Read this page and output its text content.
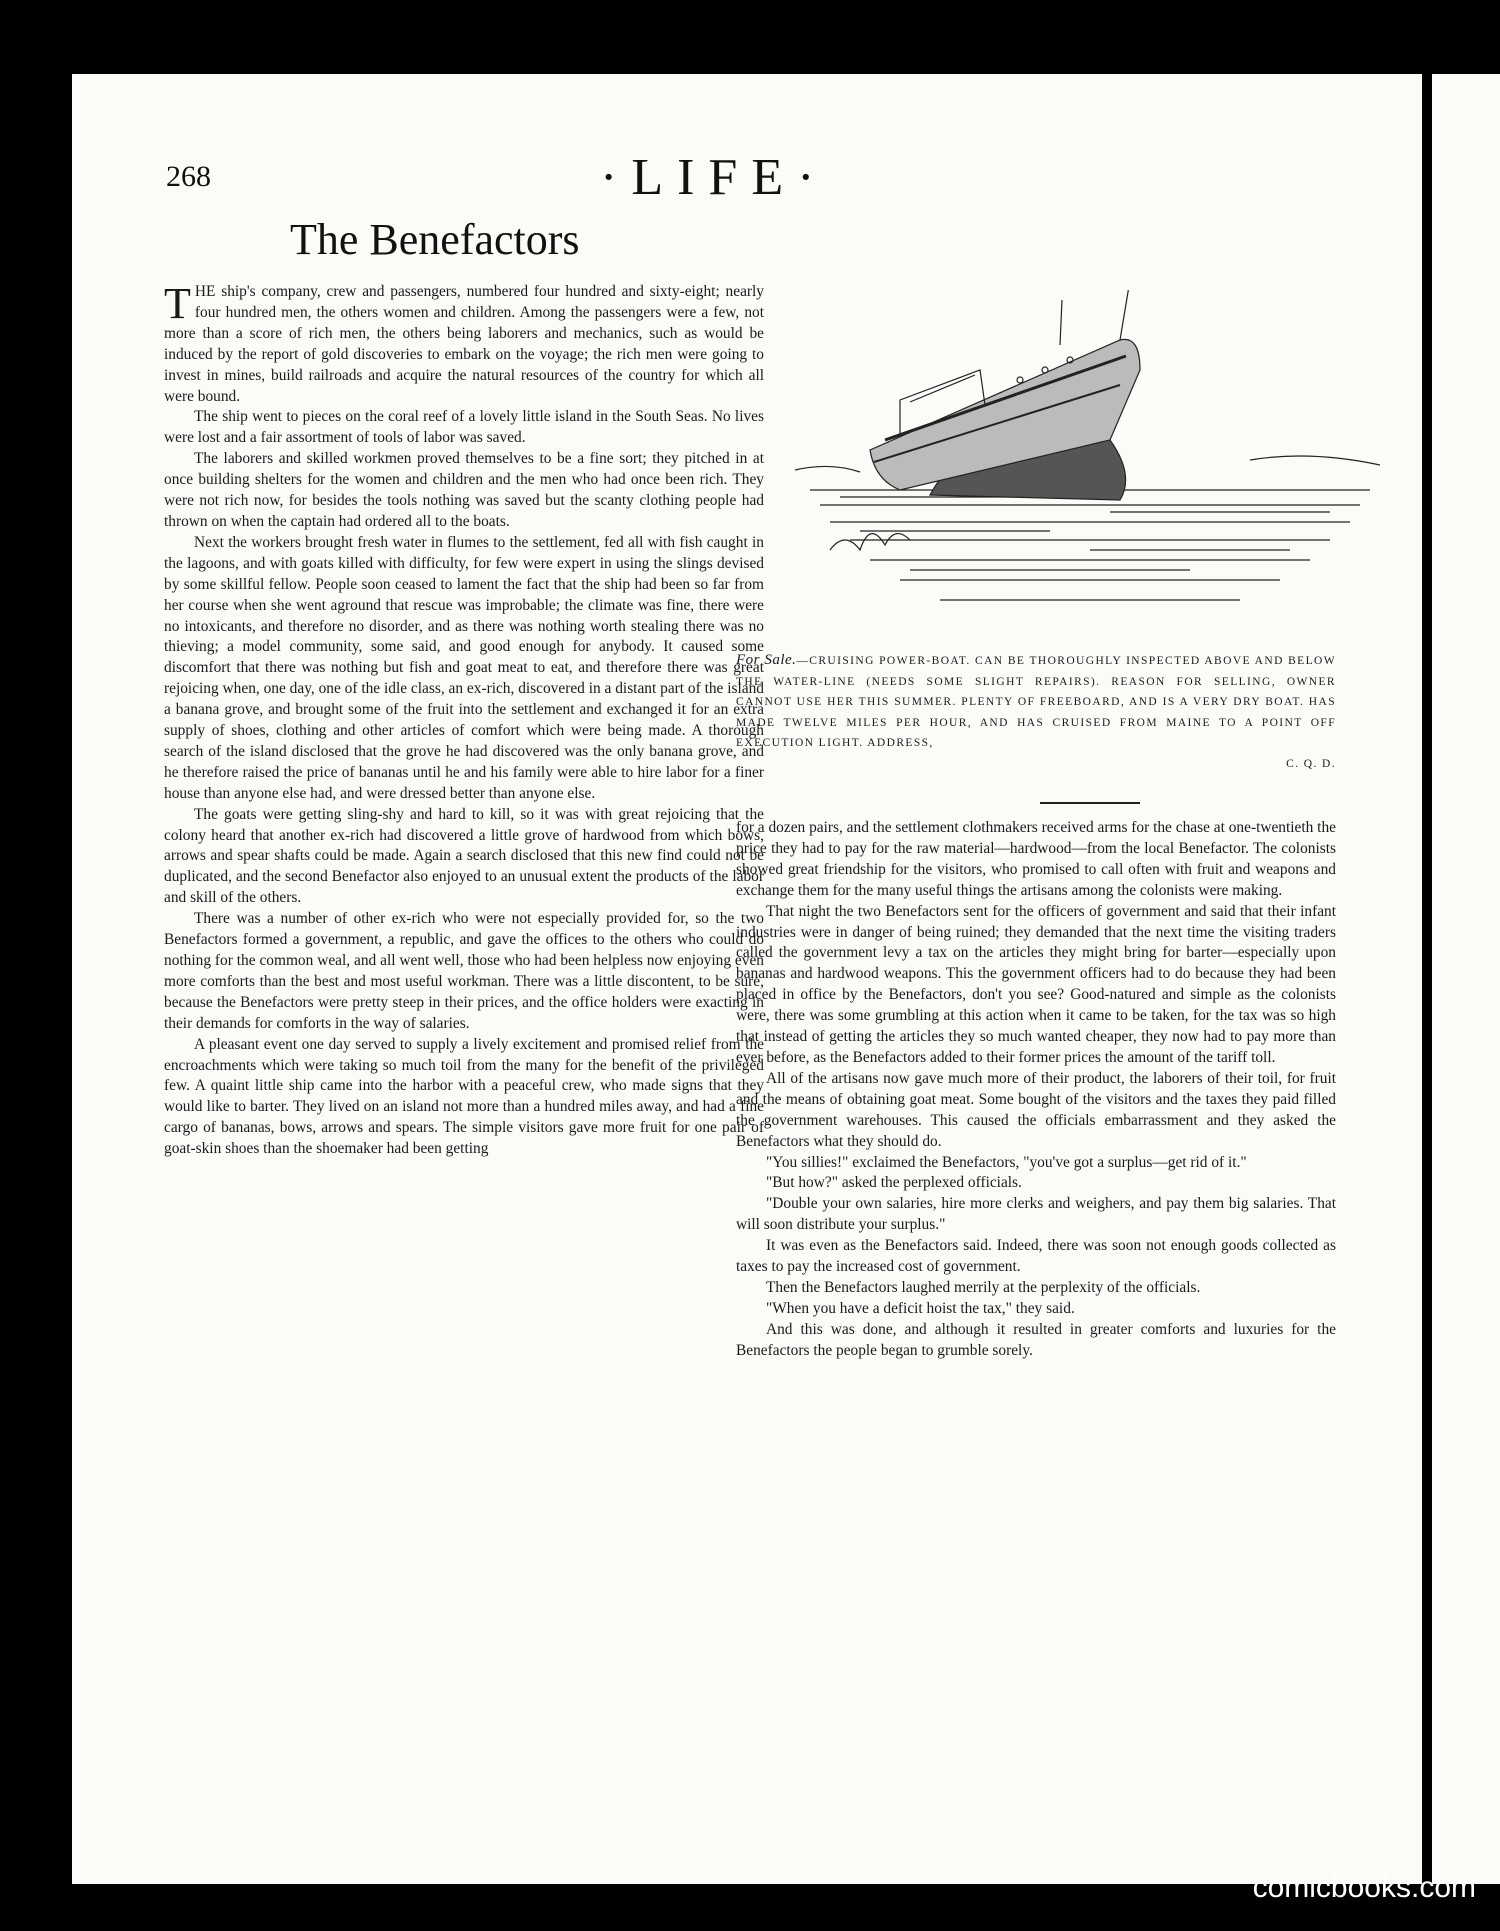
268	·LIFE·
The Benefactors

THE ship's company, crew and passengers, numbered four hundred and sixty-eight; nearly four hundred men, the others women and children. Among the passengers were a few, not more than a score of rich men, the others being laborers and mechanics, such as would be induced by the report of gold discoveries to embark on the voyage; the rich men were going to invest in mines, build railroads and acquire the natural resources of the country for which all were bound.

The ship went to pieces on the coral reef of a lovely little island in the South Seas. No lives were lost and a fair assortment of tools of labor was saved.

The laborers and skilled workmen proved themselves to be a fine sort; they pitched in at once building shelters for the women and children and the men who had once been rich. They were not rich now, for besides the tools nothing was saved but the scanty clothing people had thrown on when the captain had ordered all to the boats.

Next the workers brought fresh water in flumes to the settlement, fed all with fish caught in the lagoons, and with goats killed with difficulty, for few were expert in using the slings devised by some skillful fellow. People soon ceased to lament the fact that the ship had been so far from her course when she went aground that rescue was improbable; the climate was fine, there were no intoxicants, and therefore no disorder, and as there was nothing worth stealing there was no thieving; a model community, some said, and good enough for anybody. It caused some discomfort that there was nothing but fish and goat meat to eat, and therefore there was great rejoicing when, one day, one of the idle class, an ex-rich, discovered in a distant part of the island a banana grove, and brought some of the fruit into the settlement and exchanged it for an extra supply of shoes, clothing and other articles of comfort which were being made. A thorough search of the island disclosed that the grove he had discovered was the only banana grove, and he therefore raised the price of bananas until he and his family were able to hire labor for a finer house than anyone else had, and were dressed better than anyone else.

The goats were getting sling-shy and hard to kill, so it was with great rejoicing that the colony heard that another ex-rich had discovered a little grove of hardwood from which bows, arrows and spear shafts could be made. Again a search disclosed that this new find could not be duplicated, and the second Benefactor also enjoyed to an unusual extent the products of the labor and skill of the others.

There was a number of other ex-rich who were not especially provided for, so the two Benefactors formed a government, a republic, and gave the offices to the others who could do nothing for the common weal, and all went well, those who had been helpless now enjoying even more comforts than the best and most useful workman. There was a little discontent, to be sure, because the Benefactors were pretty steep in their prices, and the office holders were exacting in their demands for comforts in the way of salaries.

A pleasant event one day served to supply a lively excitement and promised relief from the encroachments which were taking so much toil from the many for the benefit of the privileged few. A quaint little ship came into the harbor with a peaceful crew, who made signs that they would like to barter. They lived on an island not more than a hundred miles away, and had a fine cargo of bananas, bows, arrows and spears. The simple visitors gave more fruit for one pair of goat-skin shoes than the shoemaker had been getting

For Sale.—CRUISING POWER-BOAT. CAN BE THOROUGHLY INSPECTED ABOVE AND BELOW THE WATER-LINE (NEEDS SOME SLIGHT REPAIRS). REASON FOR SELLING, OWNER CANNOT USE HER THIS SUMMER. PLENTY OF FREEBOARD, AND IS A VERY DRY BOAT. HAS MADE TWELVE MILES PER HOUR, AND HAS CRUISED FROM MAINE TO A POINT OFF EXECUTION LIGHT. ADDRESS,
C. Q. D.

for a dozen pairs, and the settlement clothmakers received arms for the chase at one-twentieth the price they had to pay for the raw material—hardwood—from the local Benefactor. The colonists showed great friendship for the visitors, who promised to call often with fruit and weapons and exchange them for the many useful things the artisans among the colonists were making.

That night the two Benefactors sent for the officers of government and said that their infant industries were in danger of being ruined; they demanded that the next time the visiting traders called the government levy a tax on the articles they might bring for barter—especially upon bananas and hardwood weapons. This the government officers had to do because they had been placed in office by the Benefactors, don't you see? Good-natured and simple as the colonists were, there was some grumbling at this action when it came to be taken, for the tax was so high that instead of getting the articles they so much wanted cheaper, they now had to pay more than ever before, as the Benefactors added to their former prices the amount of the tariff toll.

All of the artisans now gave much more of their product, the laborers of their toil, for fruit and the means of obtaining goat meat. Some bought of the visitors and the taxes they paid filled the government warehouses. This caused the officials embarrassment and they asked the Benefactors what they should do.

"You sillies!" exclaimed the Benefactors, "you've got a surplus—get rid of it."

"But how?" asked the perplexed officials.

"Double your own salaries, hire more clerks and weighers, and pay them big salaries. That will soon distribute your surplus."

It was even as the Benefactors said. Indeed, there was soon not enough goods collected as taxes to pay the increased cost of government.

Then the Benefactors laughed merrily at the perplexity of the officials.

"When you have a deficit hoist the tax," they said.

And this was done, and although it resulted in greater comforts and luxuries for the Benefactors the people began to grumble sorely.

comicbooks.com
